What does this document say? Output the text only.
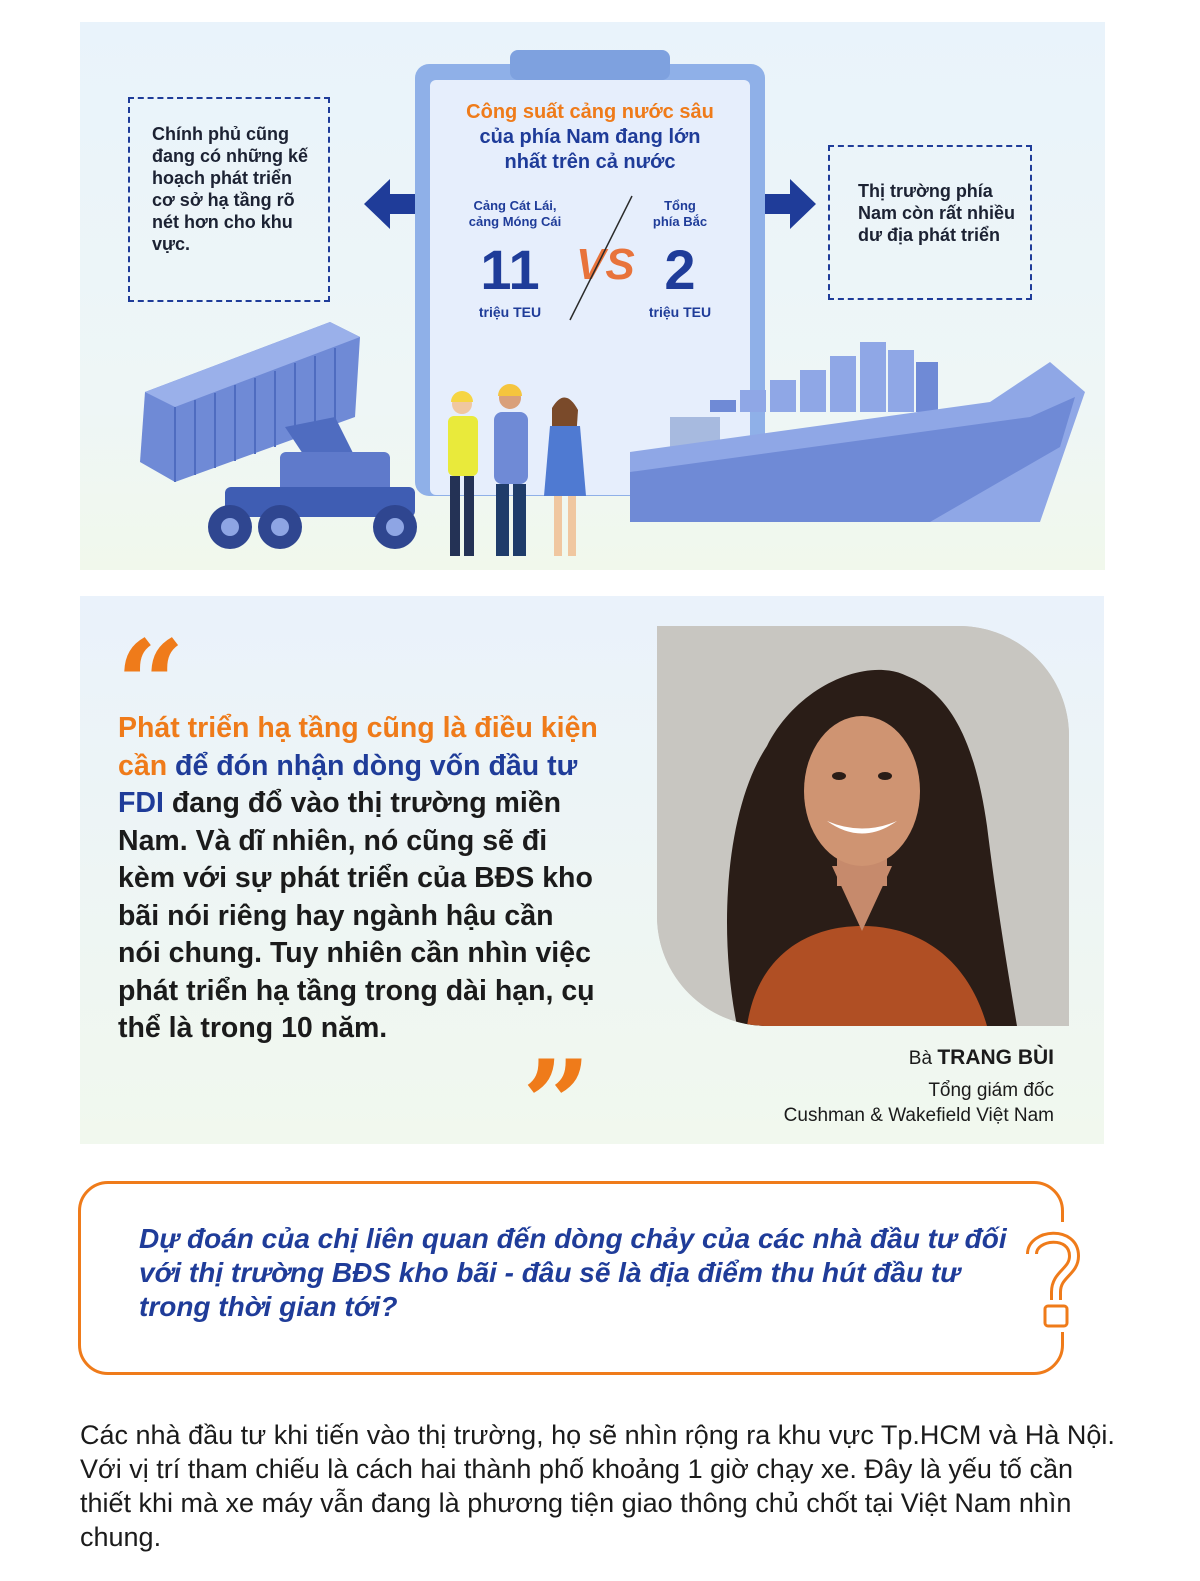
Chính phủ cũng đang có những kế hoạch phát triển cơ sở hạ tầng rõ nét hơn cho khu vực.
Thị trường phía Nam còn rất nhiều dư địa phát triển
Công suất cảng nước sâu
của phía Nam đang lớn
nhất trên cả nước
Cảng Cát Lái,
cảng Móng Cái
11
triệu TEU
VS
Tổng
phía Bắc
2
triệu TEU
“
Phát triển hạ tầng cũng là điều kiện cần để đón nhận dòng vốn đầu tư FDI đang đổ vào thị trường miền Nam. Và dĩ nhiên, nó cũng sẽ đi kèm với sự phát triển của BĐS kho bãi nói riêng hay ngành hậu cần nói chung. Tuy nhiên cần nhìn việc phát triển hạ tầng trong dài hạn, cụ thể là trong 10 năm.
”	Bà TRANG BÙI
Tổng giám đốc
Cushman & Wakefield Việt Nam
Dự đoán của chị liên quan đến dòng chảy của các nhà đầu tư đối với thị trường BĐS kho bãi - đâu sẽ là địa điểm thu hút đầu tư trong thời gian tới?
Các nhà đầu tư khi tiến vào thị trường, họ sẽ nhìn rộng ra khu vực Tp.HCM và Hà Nội. Với vị trí tham chiếu là cách hai thành phố khoảng 1 giờ chạy xe. Đây là yếu tố cần thiết khi mà xe máy vẫn đang là phương tiện giao thông chủ chốt tại Việt Nam nhìn chung.
